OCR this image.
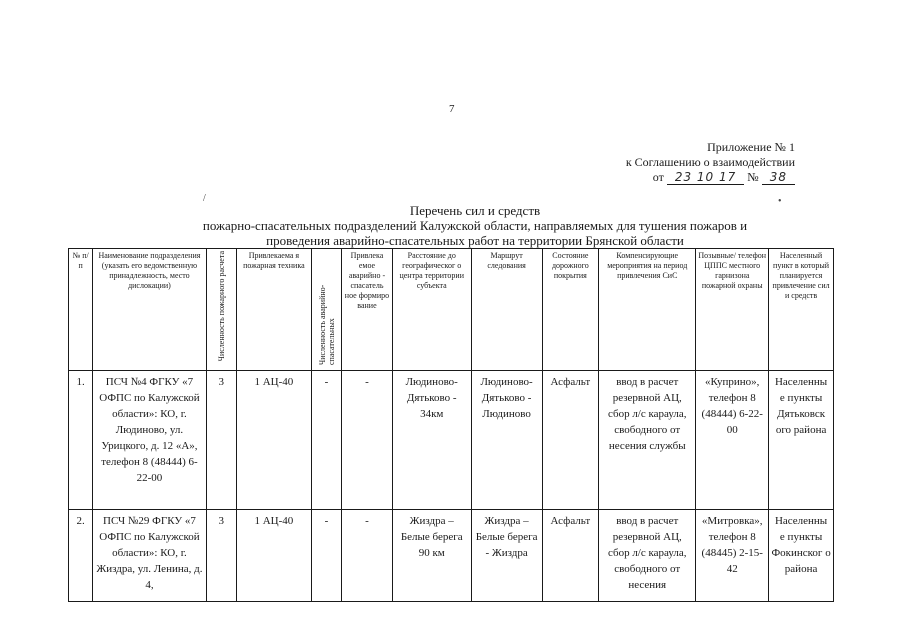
7
Приложение № 1
к Соглашению о взаимодействии
от 23 10 17 № 38
/	•
Перечень сил и средств
пожарно-спасательных подразделений Калужской области, направляемых для тушения пожаров и
проведения аварийно-спасательных работ на территории Брянской области
№ п/п	Наименование подразделения (указать его ведомственную принадлежность, место дислокации)	Численность пожарного расчета	Привлекаема я пожарная техника	Численность аварийно-спасательных	Привлека емое аварийно - спасатель ное формиро вание	Расстояние до географическог о центра территории субъекта	Маршрут следования	Состояние дорожного покрытия	Компенсирующие мероприятия на период привлечения СиС	Позывные/ телефон ЦППС местного гарнизона пожарной охраны	Населенный пункт в который планируется привлечение сил и средств
1.	ПСЧ №4 ФГКУ «7 ОФПС по Калужской области»: КО, г. Людиново, ул. Урицкого, д. 12 «А», телефон 8 (48444) 6-22-00	3	1 АЦ-40	-	-	Людиново- Дятьково - 34км	Людиново- Дятьково - Людиново	Асфальт	ввод в расчет резервной АЦ, сбор л/с караула, свободного от несения службы	«Куприно», телефон 8 (48444) 6-22-00	Населенны е пункты Дятьковск ого района
2.	ПСЧ №29 ФГКУ «7 ОФПС по Калужской области»: КО, г. Жиздра, ул. Ленина, д. 4,	3	1 АЦ-40	-	-	Жиздра – Белые берега 90 км	Жиздра – Белые берега - Жиздра	Асфальт	ввод в расчет резервной АЦ, сбор л/с караула, свободного от несения	«Митровка», телефон 8 (48445) 2-15-42	Населенны е пункты Фокинског о района
